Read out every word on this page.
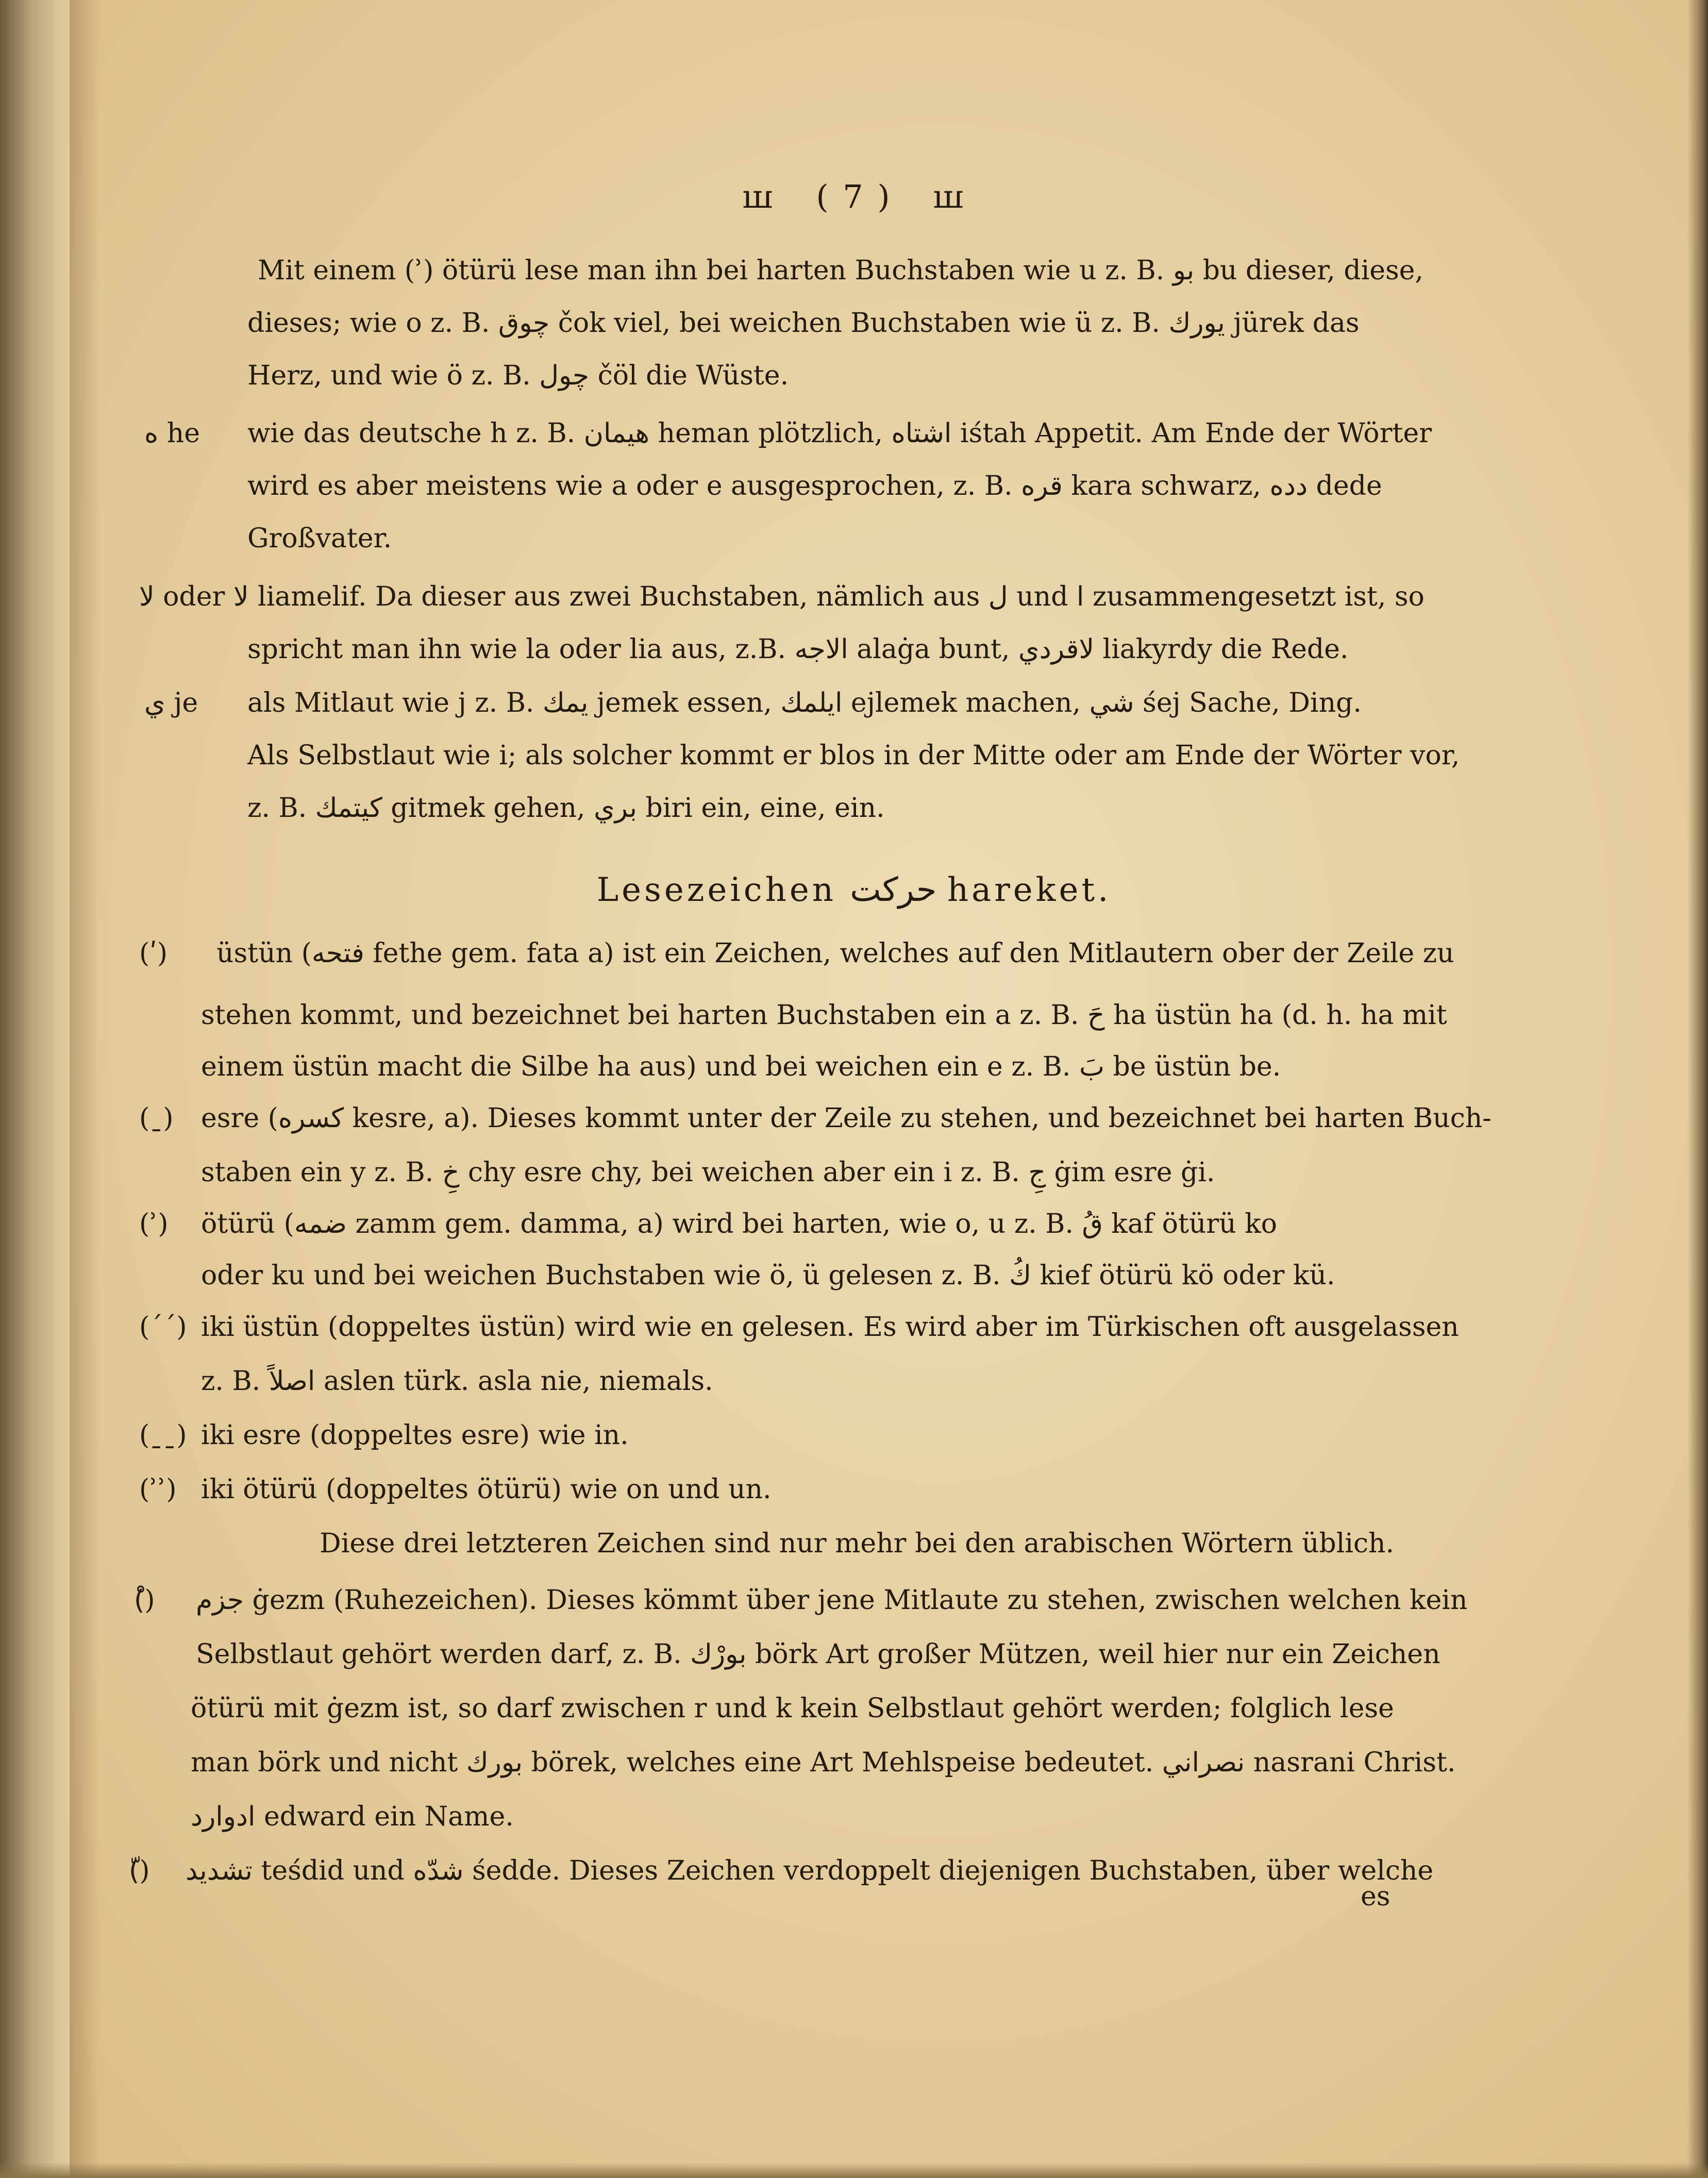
ꟺ ( 7 ) ꟺ
Mit einem (ʾ) ötürü lese man ihn bei harten Buchstaben wie u z. B. بو bu dieser, diese,
dieses; wie o z. B. چوق čok viel, bei weichen Buchstaben wie ü z. B. يورك jürek das
Herz, und wie ö z. B. چول čöl die Wüste.
ه he wie das deutsche h z. B. هيمان heman plötzlich, اشتاه iśtah Appetit. Am Ende der Wörter
wird es aber meistens wie a oder e ausgesprochen, z. B. قره kara schwarz, دده dede
Großvater.
لا oder لا liamelif. Da dieser aus zwei Buchstaben, nämlich aus ل und ا zusammengesetzt ist, so
spricht man ihn wie la oder lia aus, z.B. الاجه alaġa bunt, لاقردي liakyrdy die Rede.
ي je als Mitlaut wie j z. B. يمك jemek essen, ايلمك ejlemek machen, شي śej Sache, Ding.
Als Selbstlaut wie i; als solcher kommt er blos in der Mitte oder am Ende der Wörter vor,
z. B. كيتمك gitmek gehen, بري biri ein, eine, ein.
Lesezeichen حركت hareket.
(ʹ) üstün (فتحه fethe gem. fata a) ist ein Zeichen, welches auf den Mitlautern ober der Zeile zu
stehen kommt, und bezeichnet bei harten Buchstaben ein a z. B. حَ ha üstün ha (d. h. ha mit
einem üstün macht die Silbe ha aus) und bei weichen ein e z. B. بَ be üstün be.
(ˍ) esre (كسره kesre, a). Dieses kommt unter der Zeile zu stehen, und bezeichnet bei harten Buch-
staben ein y z. B. خِ chy esre chy, bei weichen aber ein i z. B. جِ ġim esre ġi.
(ʾ) ötürü (ضمه zamm gem. damma, a) wird bei harten, wie o, u z. B. قُ kaf ötürü ko
oder ku und bei weichen Buchstaben wie ö, ü gelesen z. B. كُ kief ötürü kö oder kü.
(ˊˊ) iki üstün (doppeltes üstün) wird wie en gelesen. Es wird aber im Türkischen oft ausgelassen
z. B. اصلاً aslen türk. asla nie, niemals.
(ˍˍ) iki esre (doppeltes esre) wie in.
(ʾʾ) iki ötürü (doppeltes ötürü) wie on und un.
Diese drei letzteren Zeichen sind nur mehr bei den arabischen Wörtern üblich.
(ْ) جزم ġezm (Ruhezeichen). Dieses kömmt über jene Mitlaute zu stehen, zwischen welchen kein
Selbstlaut gehört werden darf, z. B. بورْك börk Art großer Mützen, weil hier nur ein Zeichen
ötürü mit ġezm ist, so darf zwischen r und k kein Selbstlaut gehört werden; folglich lese
man börk und nicht بورك börek, welches eine Art Mehlspeise bedeutet. نصراني nasrani Christ.
ادوارد edward ein Name.
(ّ) تشديد teśdid und شدّه śedde. Dieses Zeichen verdoppelt diejenigen Buchstaben, über welche
es
